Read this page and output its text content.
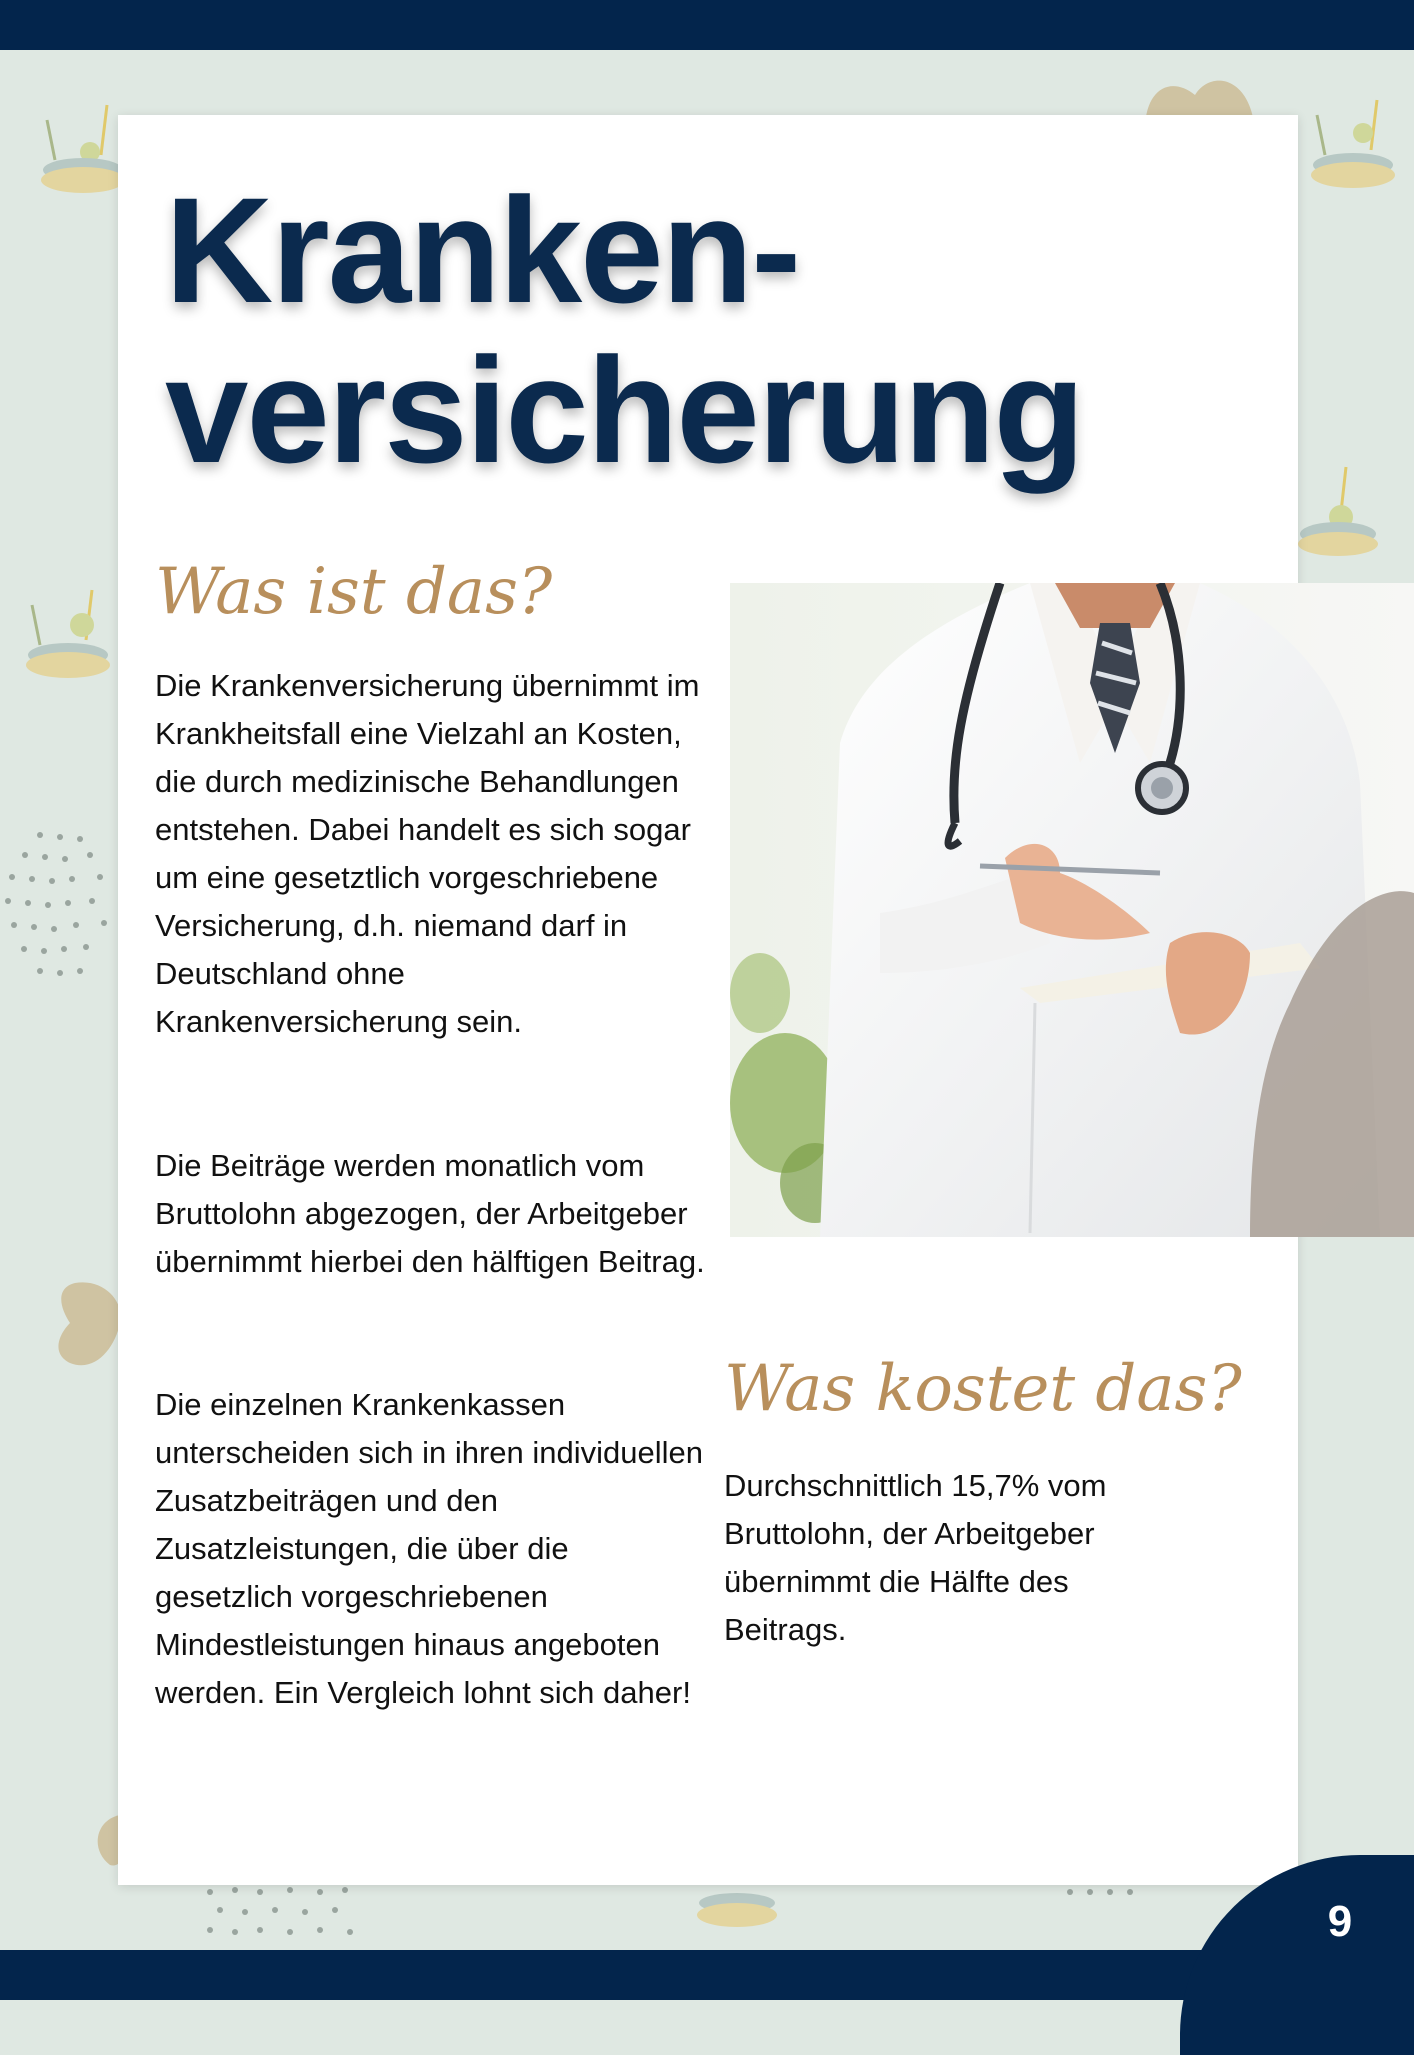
Kranken-
versicherung
Was ist das?

Die Krankenversicherung übernimmt im Krankheitsfall eine Vielzahl an Kosten, die durch medizinische Behandlungen entstehen. Dabei handelt es sich sogar um eine gesetztlich vorgeschriebene Versicherung, d.h. niemand darf in Deutschland ohne Krankenversicherung sein.

Die Beiträge werden monatlich vom Bruttolohn abgezogen, der Arbeitgeber übernimmt hierbei den hälftigen Beitrag.

Die einzelnen Krankenkassen unterscheiden sich in ihren individuellen Zusatzbeiträgen und den Zusatzleistungen, die über die gesetzlich vorgeschriebenen Mindestleistungen hinaus angeboten werden. Ein Vergleich lohnt sich daher!

Was kostet das?

Durchschnittlich 15,7% vom Bruttolohn, der Arbeitgeber übernimmt die Hälfte des Beitrags.

9
